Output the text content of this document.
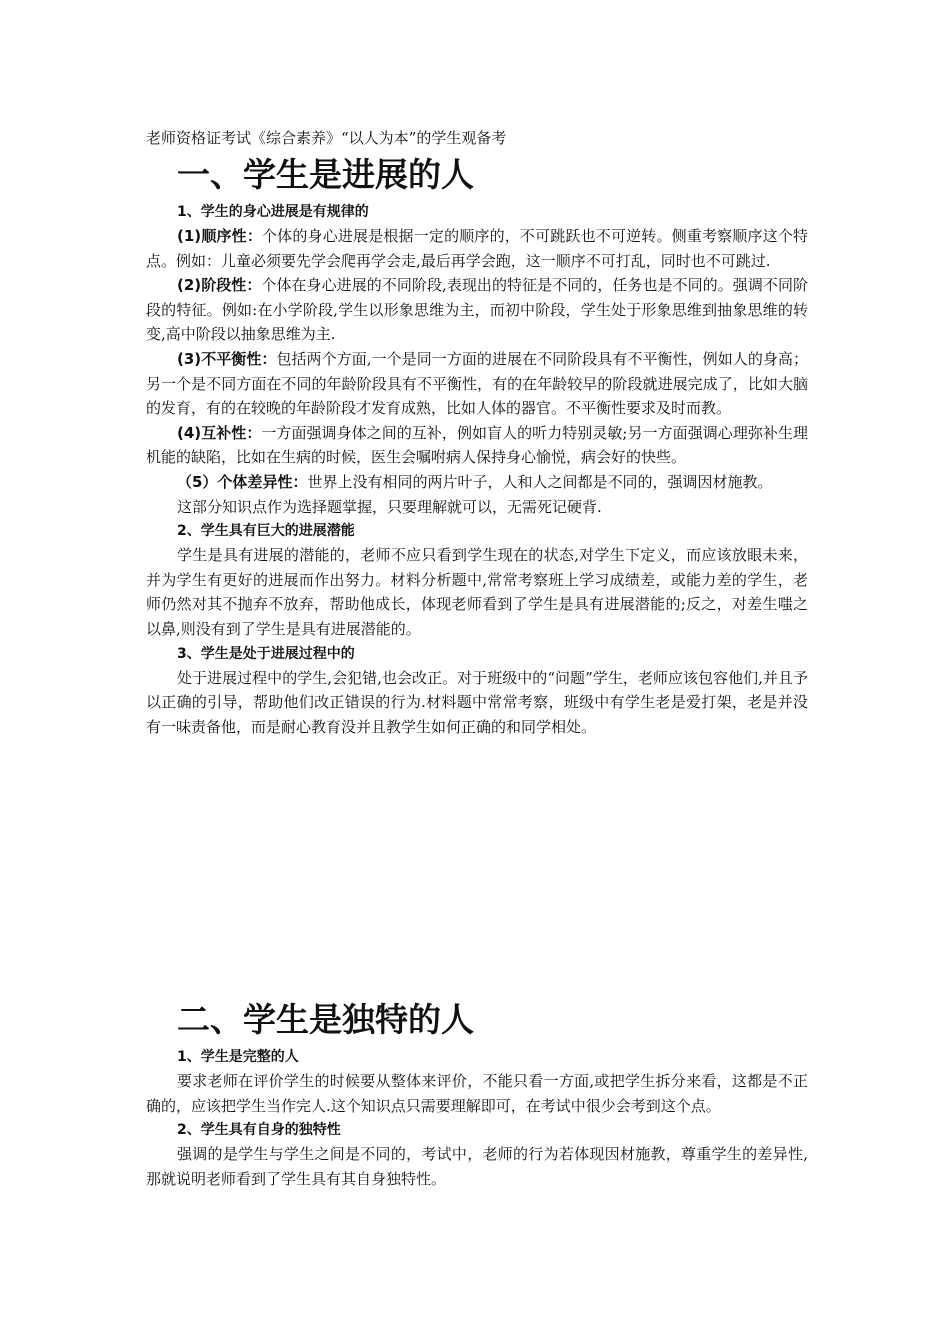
老师资格证考试《综合素养》“以人为本”的学生观备考
一、学生是进展的人
1、学生的身心进展是有规律的
(1)顺序性：个体的身心进展是根据一定的顺序的，不可跳跃也不可逆转。侧重考察顺序这个特点。例如：儿童必须要先学会爬再学会走,最后再学会跑，这一顺序不可打乱，同时也不可跳过.
(2)阶段性：个体在身心进展的不同阶段,表现出的特征是不同的，任务也是不同的。强调不同阶段的特征。例如:在小学阶段,学生以形象思维为主，而初中阶段，学生处于形象思维到抽象思维的转变,高中阶段以抽象思维为主.
(3)不平衡性：包括两个方面,一个是同一方面的进展在不同阶段具有不平衡性，例如人的身高；另一个是不同方面在不同的年龄阶段具有不平衡性，有的在年龄较早的阶段就进展完成了，比如大脑的发育，有的在较晚的年龄阶段才发育成熟，比如人体的器官。不平衡性要求及时而教。
(4)互补性：一方面强调身体之间的互补，例如盲人的听力特别灵敏;另一方面强调心理弥补生理机能的缺陷，比如在生病的时候，医生会嘱咐病人保持身心愉悦，病会好的快些。
（5）个体差异性：世界上没有相同的两片叶子，人和人之间都是不同的，强调因材施教。
这部分知识点作为选择题掌握，只要理解就可以，无需死记硬背.
2、学生具有巨大的进展潜能
学生是具有进展的潜能的，老师不应只看到学生现在的状态,对学生下定义，而应该放眼未来，并为学生有更好的进展而作出努力。材料分析题中,常常考察班上学习成绩差，或能力差的学生，老师仍然对其不抛弃不放弃，帮助他成长，体现老师看到了学生是具有进展潜能的;反之，对差生嗤之以鼻,则没有到了学生是具有进展潜能的。
3、学生是处于进展过程中的
处于进展过程中的学生,会犯错,也会改正。对于班级中的“问题”学生，老师应该包容他们,并且予以正确的引导，帮助他们改正错误的行为.材料题中常常考察，班级中有学生老是爱打架，老是并没有一味责备他，而是耐心教育没并且教学生如何正确的和同学相处。
二、学生是独特的人
1、学生是完整的人
要求老师在评价学生的时候要从整体来评价，不能只看一方面,或把学生拆分来看，这都是不正确的，应该把学生当作完人.这个知识点只需要理解即可，在考试中很少会考到这个点。
2、学生具有自身的独特性
强调的是学生与学生之间是不同的，考试中，老师的行为若体现因材施教，尊重学生的差异性,那就说明老师看到了学生具有其自身独特性。
